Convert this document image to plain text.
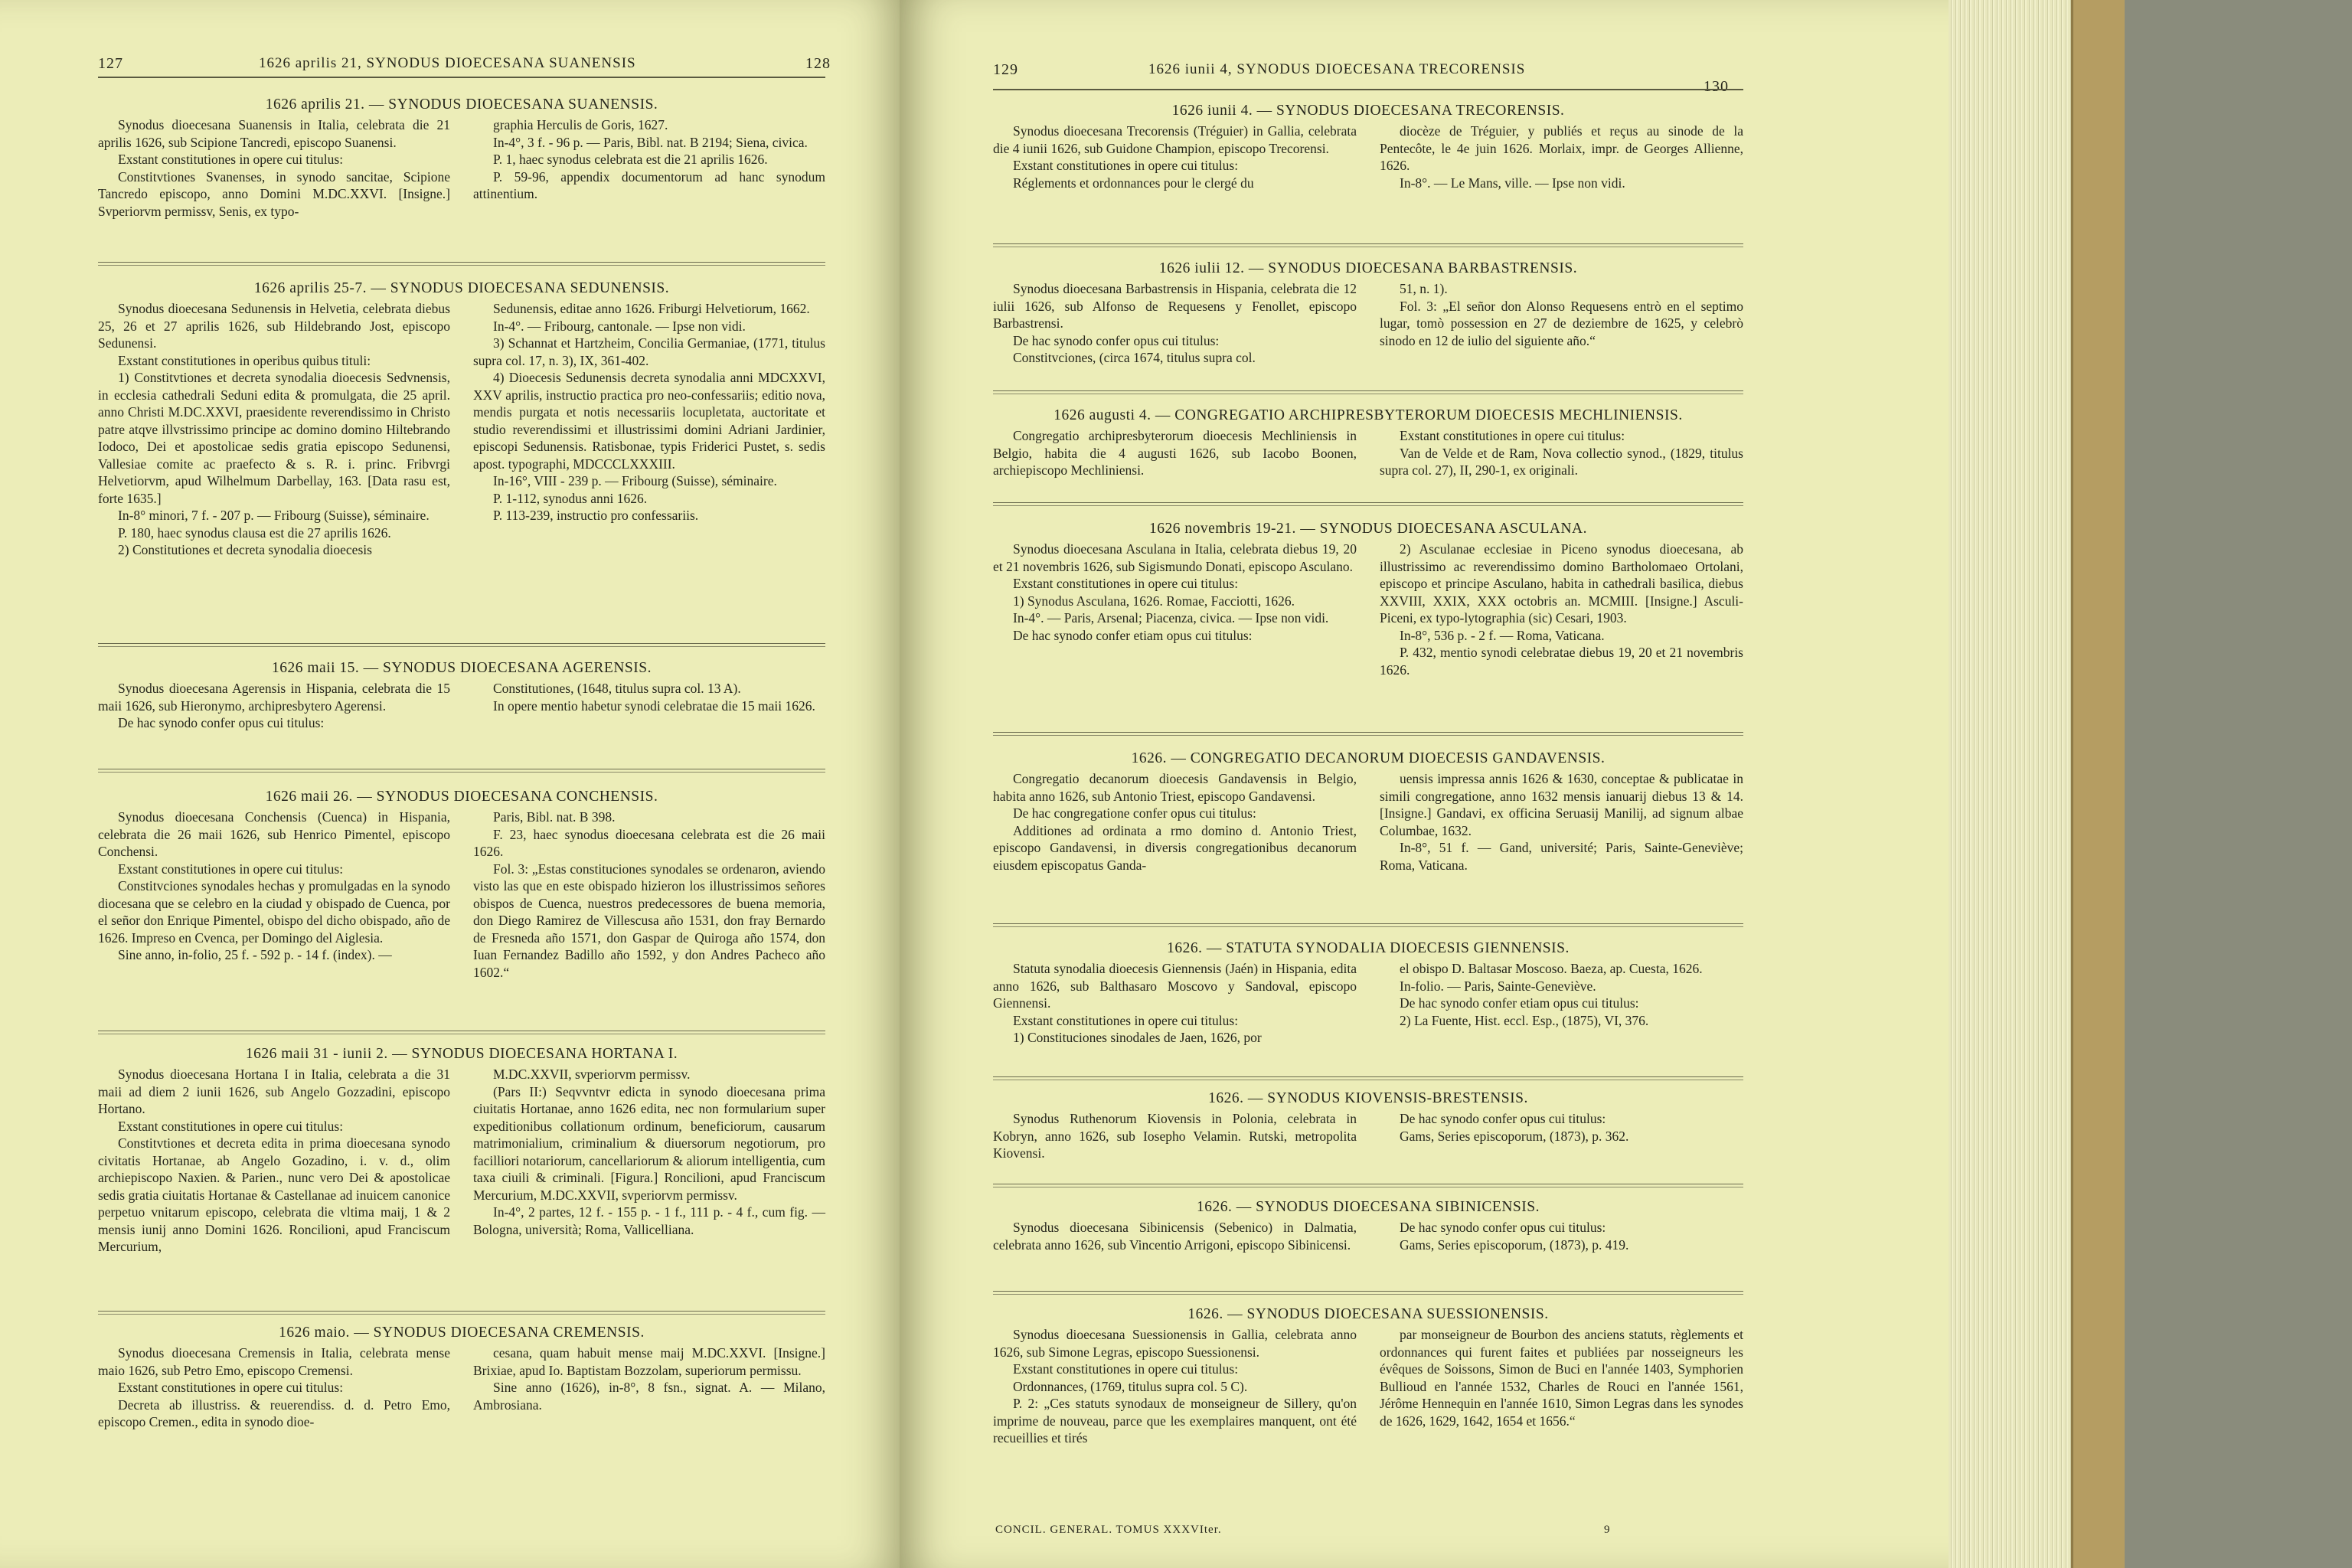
127	1626 aprilis 21, SYNODUS DIOECESANA SUANENSIS	128
1626 aprilis 21. — SYNODUS DIOECESANA SUANENSIS.

Synodus dioecesana Suanensis in Italia, celebrata die 21 aprilis 1626, sub Scipione Tancredi, episcopo Suanensi.

Exstant constitutiones in opere cui titulus:

Constitvtiones Svanenses, in synodo sancitae, Scipione Tancredo episcopo, anno Domini M.DC.XXVI. [Insigne.] Svperiorvm permissv, Senis, ex typo-

graphia Herculis de Goris, 1627.

In-4°, 3 f. - 96 p. — Paris, Bibl. nat. B 2194; Siena, civica.

P. 1, haec synodus celebrata est die 21 aprilis 1626.

P. 59-96, appendix documentorum ad hanc synodum attinentium.

1626 aprilis 25-7. — SYNODUS DIOECESANA SEDUNENSIS.

Synodus dioecesana Sedunensis in Helvetia, celebrata diebus 25, 26 et 27 aprilis 1626, sub Hildebrando Jost, episcopo Sedunensi.

Exstant constitutiones in operibus quibus tituli:

1) Constitvtiones et decreta synodalia dioecesis Sedvnensis, in ecclesia cathedrali Seduni edita & promulgata, die 25 april. anno Christi M.DC.XXVI, praesidente reverendissimo in Christo patre atqve illvstrissimo principe ac domino domino Hiltebrando Iodoco, Dei et apostolicae sedis gratia episcopo Sedunensi, Vallesiae comite ac praefecto & s. R. i. princ. Fribvrgi Helvetiorvm, apud Wilhelmum Darbellay, 163. [Data rasu est, forte 1635.]

In-8° minori, 7 f. - 207 p. — Fribourg (Suisse), séminaire.

P. 180, haec synodus clausa est die 27 aprilis 1626.

2) Constitutiones et decreta synodalia dioecesis

Sedunensis, editae anno 1626. Friburgi Helvetiorum, 1662.

In-4°. — Fribourg, cantonale. — Ipse non vidi.

3) Schannat et Hartzheim, Concilia Germaniae, (1771, titulus supra col. 17, n. 3), IX, 361-402.

4) Dioecesis Sedunensis decreta synodalia anni MDCXXVI, XXV aprilis, instructio practica pro neo-confessariis; editio nova, mendis purgata et notis necessariis locupletata, auctoritate et studio reverendissimi et illustrissimi domini Adriani Jardinier, episcopi Sedunensis. Ratisbonae, typis Friderici Pustet, s. sedis apost. typographi, MDCCCLXXXIII.

In-16°, VIII - 239 p. — Fribourg (Suisse), séminaire.

P. 1-112, synodus anni 1626.

P. 113-239, instructio pro confessariis.

1626 maii 15. — SYNODUS DIOECESANA AGERENSIS.

Synodus dioecesana Agerensis in Hispania, celebrata die 15 maii 1626, sub Hieronymo, archipresbytero Agerensi.

De hac synodo confer opus cui titulus:

Constitutiones, (1648, titulus supra col. 13 A).

In opere mentio habetur synodi celebratae die 15 maii 1626.

1626 maii 26. — SYNODUS DIOECESANA CONCHENSIS.

Synodus dioecesana Conchensis (Cuenca) in Hispania, celebrata die 26 maii 1626, sub Henrico Pimentel, episcopo Conchensi.

Exstant constitutiones in opere cui titulus:

Constitvciones synodales hechas y promulgadas en la synodo diocesana que se celebro en la ciudad y obispado de Cuenca, por el señor don Enrique Pimentel, obispo del dicho obispado, año de 1626. Impreso en Cvenca, per Domingo del Aiglesia.

Sine anno, in-folio, 25 f. - 592 p. - 14 f. (index). —

Paris, Bibl. nat. B 398.

F. 23, haec synodus dioecesana celebrata est die 26 maii 1626.

Fol. 3: „Estas constituciones synodales se ordenaron, aviendo visto las que en este obispado hizieron los illustrissimos señores obispos de Cuenca, nuestros predecessores de buena memoria, don Diego Ramirez de Villescusa año 1531, don fray Bernardo de Fresneda año 1571, don Gaspar de Quiroga año 1574, don Iuan Fernandez Badillo año 1592, y don Andres Pacheco año 1602.“

1626 maii 31 - iunii 2. — SYNODUS DIOECESANA HORTANA I.

Synodus dioecesana Hortana I in Italia, celebrata a die 31 maii ad diem 2 iunii 1626, sub Angelo Gozzadini, episcopo Hortano.

Exstant constitutiones in opere cui titulus:

Constitvtiones et decreta edita in prima dioecesana synodo civitatis Hortanae, ab Angelo Gozadino, i. v. d., olim archiepiscopo Naxien. & Parien., nunc vero Dei & apostolicae sedis gratia ciuitatis Hortanae & Castellanae ad inuicem canonice perpetuo vnitarum episcopo, celebrata die vltima maij, 1 & 2 mensis iunij anno Domini 1626. Roncilioni, apud Franciscum Mercurium,

M.DC.XXVII, svperiorvm permissv.

(Pars II:) Seqvvntvr edicta in synodo dioecesana prima ciuitatis Hortanae, anno 1626 edita, nec non formularium super expeditionibus collationum ordinum, beneficiorum, causarum matrimonialium, criminalium & diuersorum negotiorum, pro facilliori notariorum, cancellariorum & aliorum intelligentia, cum taxa ciuili & criminali. [Figura.] Roncilioni, apud Franciscum Mercurium, M.DC.XXVII, svperiorvm permissv.

In-4°, 2 partes, 12 f. - 155 p. - 1 f., 111 p. - 4 f., cum fig. — Bologna, università; Roma, Vallicelliana.

1626 maio. — SYNODUS DIOECESANA CREMENSIS.

Synodus dioecesana Cremensis in Italia, celebrata mense maio 1626, sub Petro Emo, episcopo Cremensi.

Exstant constitutiones in opere cui titulus:

Decreta ab illustriss. & reuerendiss. d. d. Petro Emo, episcopo Cremen., edita in synodo dioe-

cesana, quam habuit mense maij M.DC.XXVI. [Insigne.] Brixiae, apud Io. Baptistam Bozzolam, superiorum permissu.

Sine anno (1626), in-8°, 8 fsn., signat. A. — Milano, Ambrosiana.

129	1626 iunii 4, SYNODUS DIOECESANA TRECORENSIS
130
1626 iunii 4. — SYNODUS DIOECESANA TRECORENSIS.

Synodus dioecesana Trecorensis (Tréguier) in Gallia, celebrata die 4 iunii 1626, sub Guidone Champion, episcopo Trecorensi.

Exstant constitutiones in opere cui titulus:

Réglements et ordonnances pour le clergé du

diocèze de Tréguier, y publiés et reçus au sinode de la Pentecôte, le 4e juin 1626. Morlaix, impr. de Georges Allienne, 1626.

In-8°. — Le Mans, ville. — Ipse non vidi.

1626 iulii 12. — SYNODUS DIOECESANA BARBASTRENSIS.

Synodus dioecesana Barbastrensis in Hispania, celebrata die 12 iulii 1626, sub Alfonso de Requesens y Fenollet, episcopo Barbastrensi.

De hac synodo confer opus cui titulus:

Constitvciones, (circa 1674, titulus supra col.

51, n. 1).

Fol. 3: „El señor don Alonso Requesens entrò en el septimo lugar, tomò possession en 27 de deziembre de 1625, y celebrò sinodo en 12 de iulio del siguiente año.“

1626 augusti 4. — CONGREGATIO ARCHIPRESBYTERORUM DIOECESIS MECHLINIENSIS.

Congregatio archipresbyterorum dioecesis Mechliniensis in Belgio, habita die 4 augusti 1626, sub Iacobo Boonen, archiepiscopo Mechliniensi.

Exstant constitutiones in opere cui titulus:

Van de Velde et de Ram, Nova collectio synod., (1829, titulus supra col. 27), II, 290-1, ex originali.

1626 novembris 19-21. — SYNODUS DIOECESANA ASCULANA.

Synodus dioecesana Asculana in Italia, celebrata diebus 19, 20 et 21 novembris 1626, sub Sigismundo Donati, episcopo Asculano.

Exstant constitutiones in opere cui titulus:

1) Synodus Asculana, 1626. Romae, Facciotti, 1626.

In-4°. — Paris, Arsenal; Piacenza, civica. — Ipse non vidi.

De hac synodo confer etiam opus cui titulus:

2) Asculanae ecclesiae in Piceno synodus dioecesana, ab illustrissimo ac reverendissimo domino Bartholomaeo Ortolani, episcopo et principe Asculano, habita in cathedrali basilica, diebus XXVIII, XXIX, XXX octobris an. MCMIII. [Insigne.] Asculi-Piceni, ex typo-lytographia (sic) Cesari, 1903.

In-8°, 536 p. - 2 f. — Roma, Vaticana.

P. 432, mentio synodi celebratae diebus 19, 20 et 21 novembris 1626.

1626. — CONGREGATIO DECANORUM DIOECESIS GANDAVENSIS.

Congregatio decanorum dioecesis Gandavensis in Belgio, habita anno 1626, sub Antonio Triest, episcopo Gandavensi.

De hac congregatione confer opus cui titulus:

Additiones ad ordinata a rmo domino d. Antonio Triest, episcopo Gandavensi, in diversis congregationibus decanorum eiusdem episcopatus Ganda-

uensis impressa annis 1626 & 1630, conceptae & publicatae in simili congregatione, anno 1632 mensis ianuarij diebus 13 & 14. [Insigne.] Gandavi, ex officina Seruasij Manilij, ad signum albae Columbae, 1632.

In-8°, 51 f. — Gand, université; Paris, Sainte-Geneviève; Roma, Vaticana.

1626. — STATUTA SYNODALIA DIOECESIS GIENNENSIS.

Statuta synodalia dioecesis Giennensis (Jaén) in Hispania, edita anno 1626, sub Balthasaro Moscovo y Sandoval, episcopo Giennensi.

Exstant constitutiones in opere cui titulus:

1) Constituciones sinodales de Jaen, 1626, por

el obispo D. Baltasar Moscoso. Baeza, ap. Cuesta, 1626.

In-folio. — Paris, Sainte-Geneviève.

De hac synodo confer etiam opus cui titulus:

2) La Fuente, Hist. eccl. Esp., (1875), VI, 376.

1626. — SYNODUS KIOVENSIS-BRESTENSIS.

Synodus Ruthenorum Kiovensis in Polonia, celebrata in Kobryn, anno 1626, sub Iosepho Velamin. Rutski, metropolita Kiovensi.

De hac synodo confer opus cui titulus:

Gams, Series episcoporum, (1873), p. 362.

1626. — SYNODUS DIOECESANA SIBINICENSIS.

Synodus dioecesana Sibinicensis (Sebenico) in Dalmatia, celebrata anno 1626, sub Vincentio Arrigoni, episcopo Sibinicensi.

De hac synodo confer opus cui titulus:

Gams, Series episcoporum, (1873), p. 419.

1626. — SYNODUS DIOECESANA SUESSIONENSIS.

Synodus dioecesana Suessionensis in Gallia, celebrata anno 1626, sub Simone Legras, episcopo Suessionensi.

Exstant constitutiones in opere cui titulus:

Ordonnances, (1769, titulus supra col. 5 C).

P. 2: „Ces statuts synodaux de monseigneur de Sillery, qu'on imprime de nouveau, parce que les exemplaires manquent, ont été recueillies et tirés

par monseigneur de Bourbon des anciens statuts, règlements et ordonnances qui furent faites et publiées par nosseigneurs les évêques de Soissons, Simon de Buci en l'année 1403, Symphorien Bullioud en l'année 1532, Charles de Rouci en l'année 1561, Jérôme Hennequin en l'année 1610, Simon Legras dans les synodes de 1626, 1629, 1642, 1654 et 1656.“

CONCIL. GENERAL. TOMUS XXXVIter.	9
